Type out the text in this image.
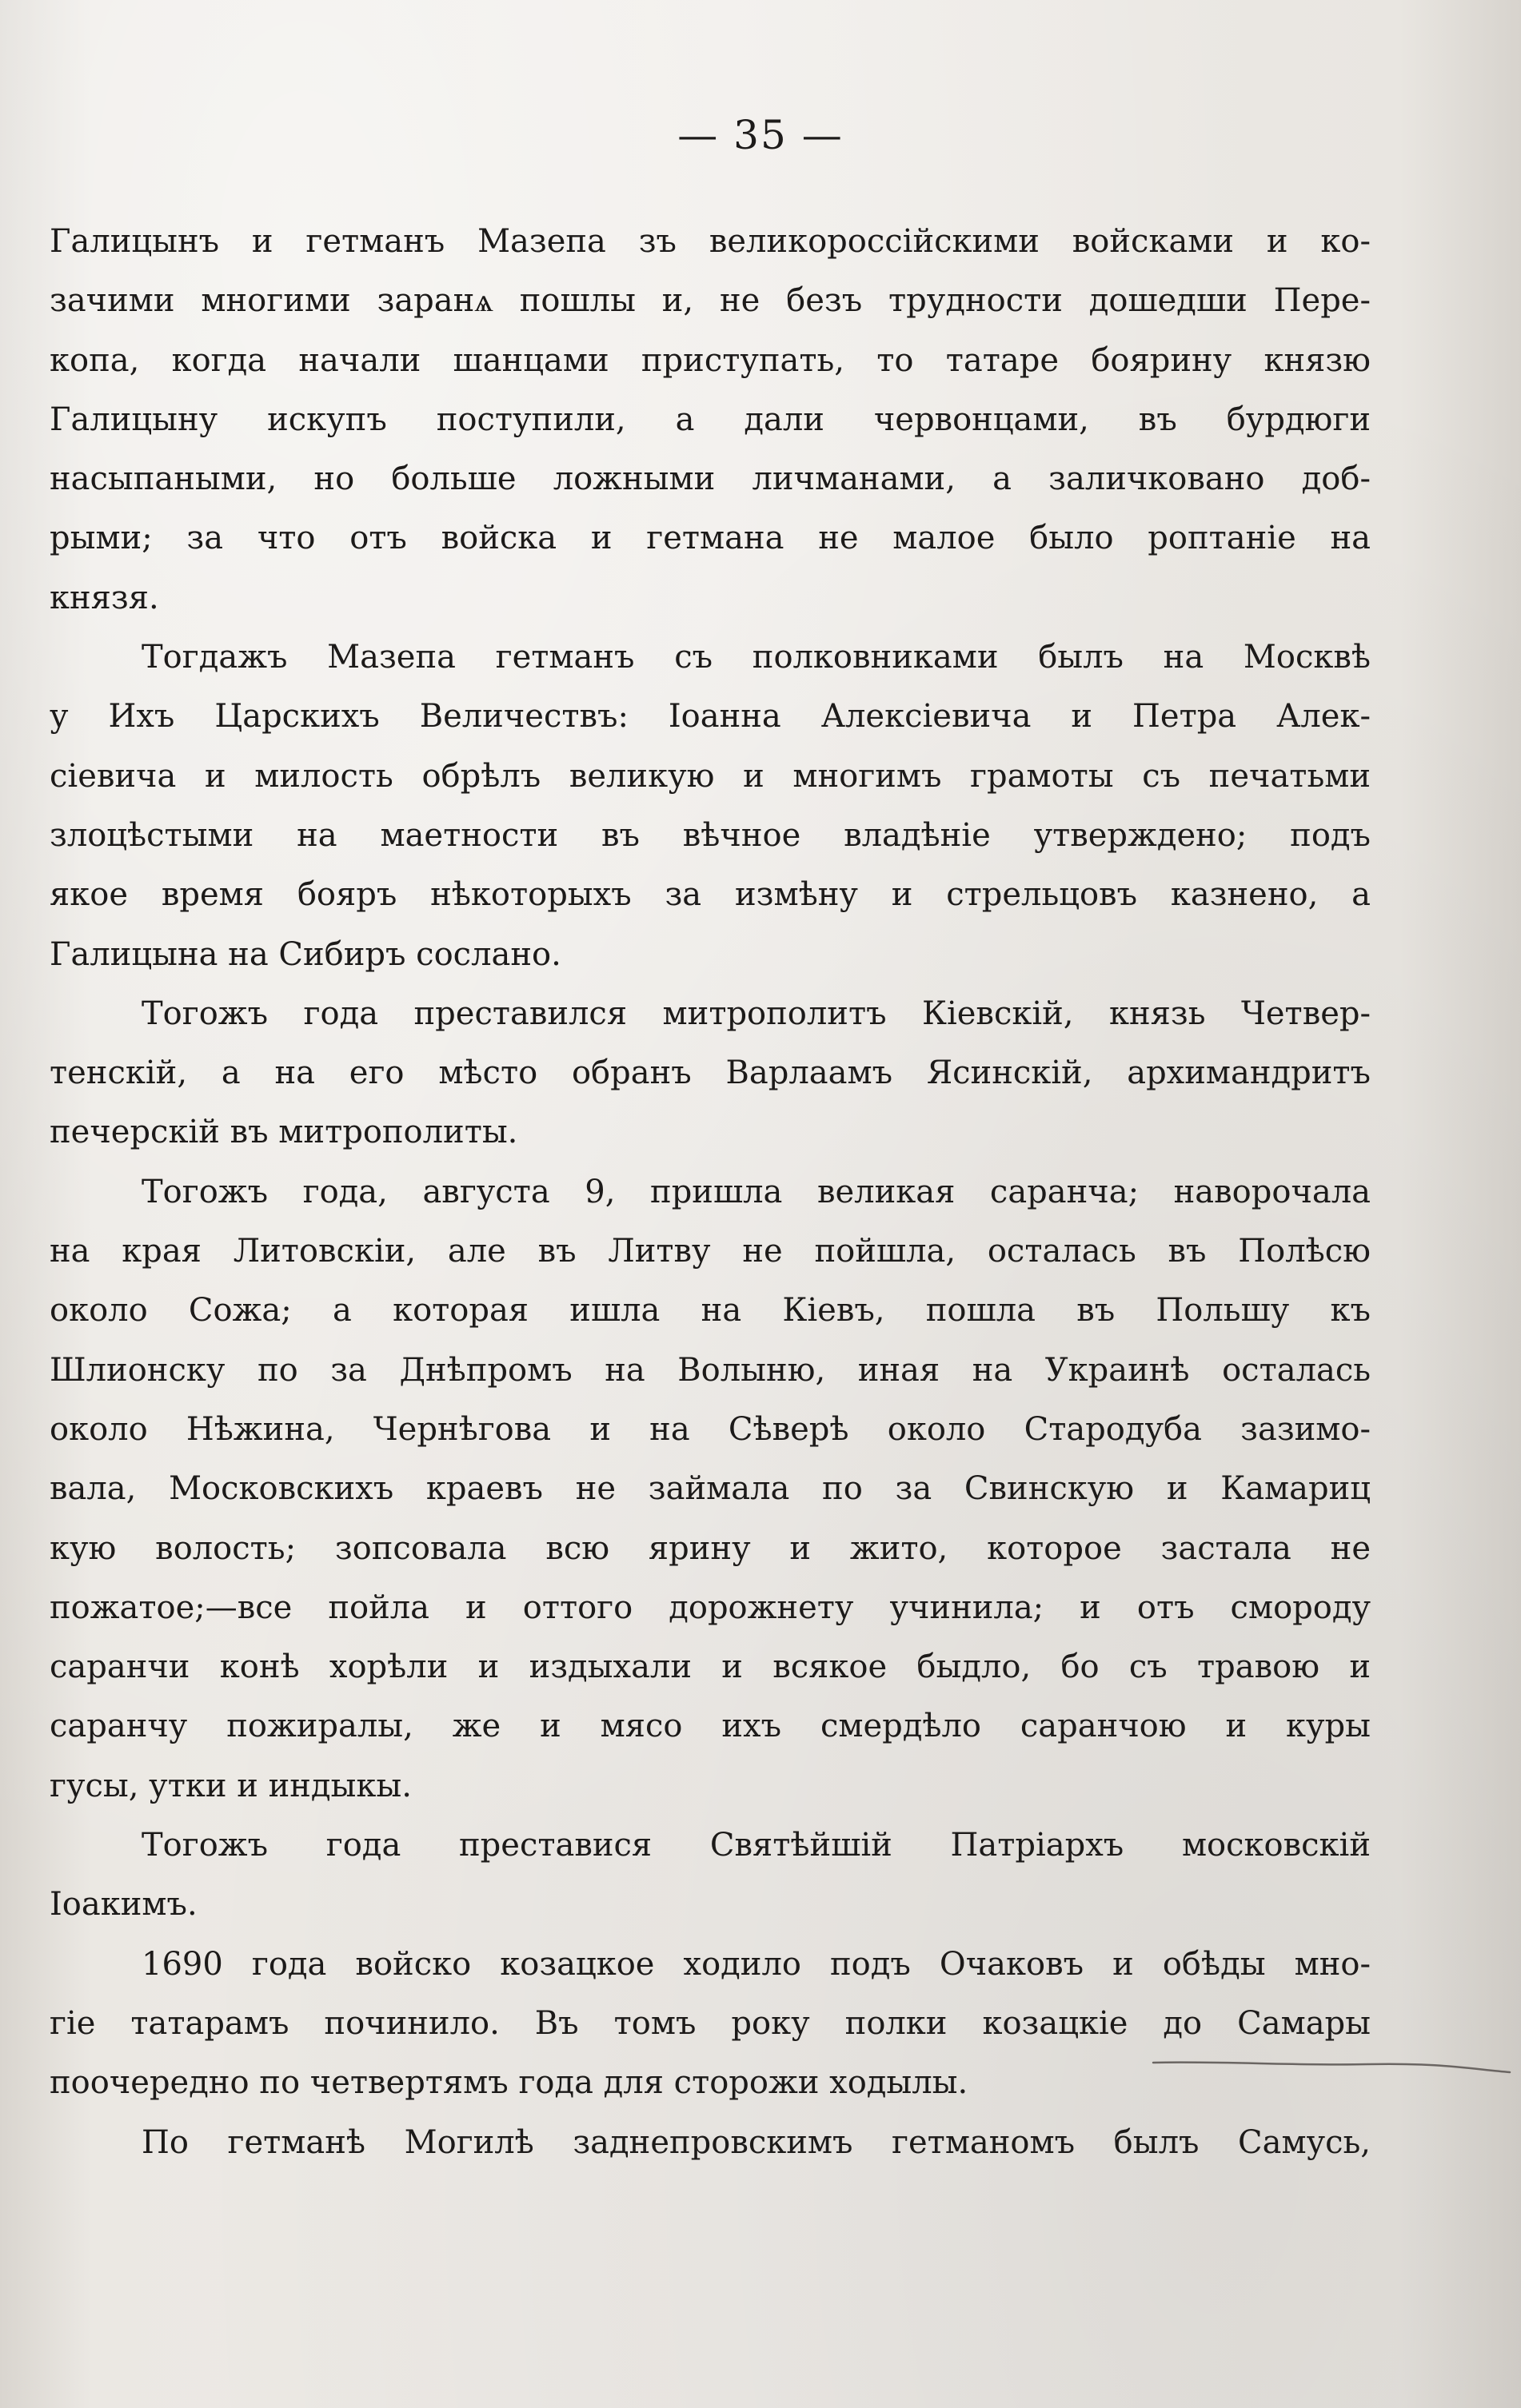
— 35 —

Галицынъ и гетманъ Мазепа зъ великороссійскими войсками и ко-
зачими многими заранѧ пошлы и, не безъ трудности дошедши Пере-
копа, когда начали шанцами приступать, то татаре боярину князю
Галицыну искупъ поступили, а дали червонцами, въ бурдюги
насыпаными, но больше ложными личманами, а заличковано доб-
рыми; за что отъ войска и гетмана не малое было роптаніе на
князя.

Тогдажъ Мазепа гетманъ съ полковниками былъ на Москвѣ
у Ихъ Царскихъ Величествъ: Іоанна Алексіевича и Петра Алек-
сіевича и милость обрѣлъ великую и многимъ грамоты съ печатьми
злоцѣстыми на маетности въ вѣчное владѣніе утверждено; подъ
якое время бояръ нѣкоторыхъ за измѣну и стрельцовъ казнено, а
Галицына на Сибиръ сослано.

Тогожъ года преставился митрополитъ Кіевскій, князь Четвер-
тенскій, а на его мѣсто обранъ Варлаамъ Ясинскій, архимандритъ
печерскій въ митрополиты.

Тогожъ года, августа 9, пришла великая саранча; наворочала
на края Литовскіи, але въ Литву не пойшла, осталась въ Полѣсю
около Сожа; а которая ишла на Кіевъ, пошла въ Польшу къ
Шлионску по за Днѣпромъ на Волыню, иная на Украинѣ осталась
около Нѣжина, Чернѣгова и на Сѣверѣ около Стародуба зазимо-
вала, Московскихъ краевъ не займала по за Свинскую и Камариц
кую волость; зопсовала всю ярину и жито, которое застала не
пожатое;—все пойла и оттого дорожнету учинила; и отъ смороду
саранчи конѣ хорѣли и издыхали и всякое быдло, бо съ травою и
саранчу пожиралы, же и мясо ихъ смердѣло саранчою и куры
гусы, утки и индыкы.

Тогожъ года преставися Святѣйшій Патріархъ московскій
Іоакимъ.

1690 года войско козацкое ходило подъ Очаковъ и обѣды мно-
гіе татарамъ починило. Въ томъ року полки козацкіе до Самары
поочередно по четвертямъ года для сторожи ходылы.

По гетманѣ Могилѣ заднепровскимъ гетманомъ былъ Самусь,
